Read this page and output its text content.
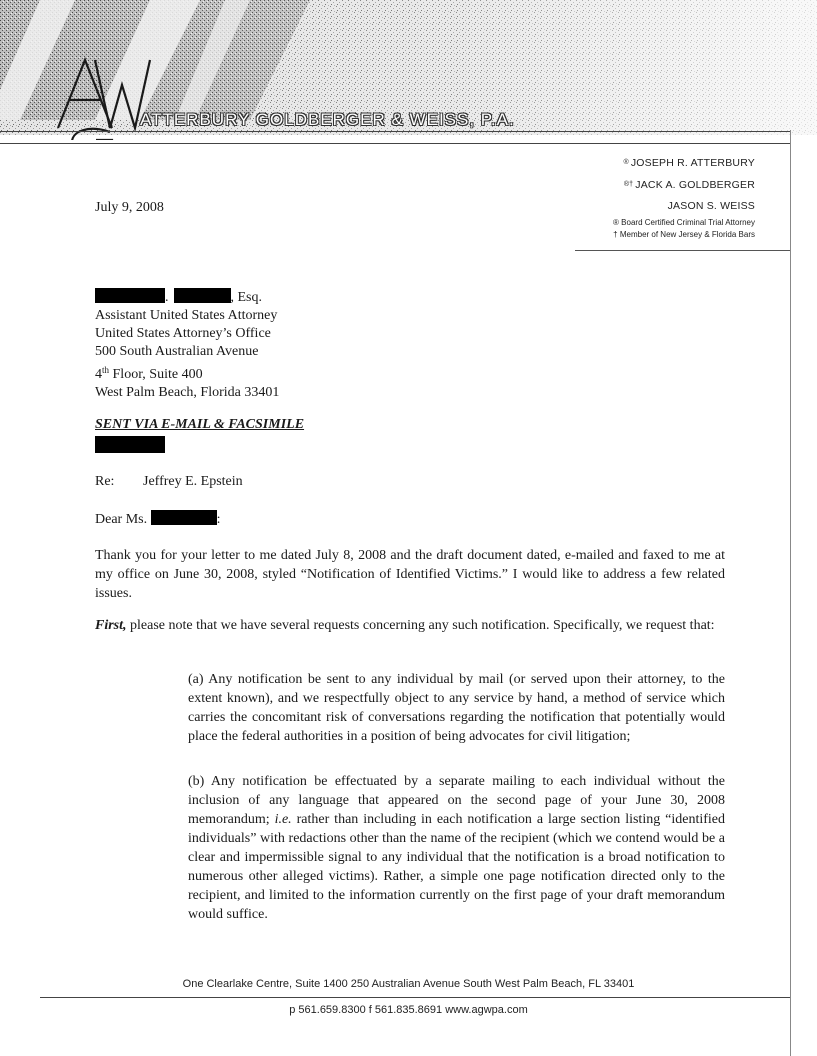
ATTERBURY GOLDBERGER & WEISS, P.A.
® JOSEPH R. ATTERBURY
®† JACK A. GOLDBERGER
JASON S. WEISS
® Board Certified Criminal Trial Attorney
† Member of New Jersey & Florida Bars
July 9, 2008
.	, Esq.
Assistant United States Attorney
United States Attorney’s Office
500 South Australian Avenue
4th Floor, Suite 400
West Palm Beach, Florida 33401
SENT VIA E-MAIL & FACSIMILE
Re: Jeffrey E. Epstein
Dear Ms.	:
Thank you for your letter to me dated July 8, 2008 and the draft document dated, e-mailed and faxed to me at my office on June 30, 2008, styled “Notification of Identified Victims.” I would like to address a few related issues.
First, please note that we have several requests concerning any such notification. Specifically, we request that:
(a) Any notification be sent to any individual by mail (or served upon their attorney, to the extent known), and we respectfully object to any service by hand, a method of service which carries the concomitant risk of conversations regarding the notification that potentially would place the federal authorities in a position of being advocates for civil litigation;
(b) Any notification be effectuated by a separate mailing to each individual without the inclusion of any language that appeared on the second page of your June 30, 2008 memorandum; i.e. rather than including in each notification a large section listing “identified individuals” with redactions other than the name of the recipient (which we contend would be a clear and impermissible signal to any individual that the notification is a broad notification to numerous other alleged victims). Rather, a simple one page notification directed only to the recipient, and limited to the information currently on the first page of your draft memorandum would suffice.
One Clearlake Centre, Suite 1400 250 Australian Avenue South West Palm Beach, FL 33401
p 561.659.8300 f 561.835.8691 www.agwpa.com
